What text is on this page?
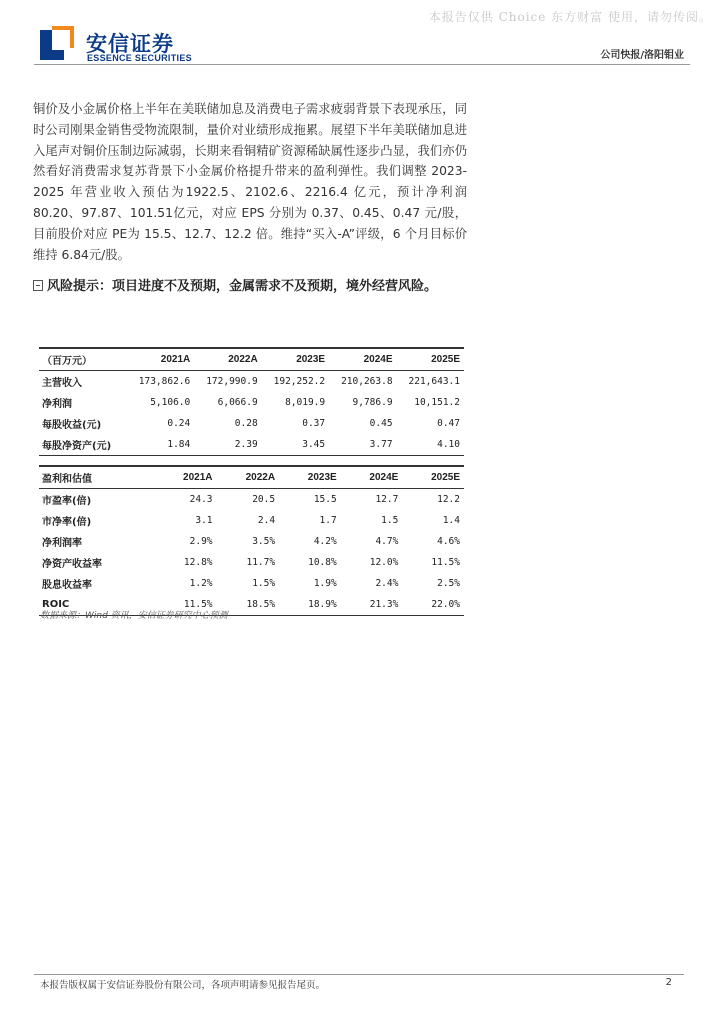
本报告仅供 Choice 东方财富 使用，请勿传阅。
安信证券
ESSENCE SECURITIES	公司快报/洛阳钼业

铜价及小金属价格上半年在美联储加息及消费电子需求疲弱背景下表现承压，同时公司刚果金销售受物流限制，量价对业绩形成拖累。展望下半年美联储加息进入尾声对铜价压制边际减弱，长期来看铜精矿资源稀缺属性逐步凸显，我们亦仍然看好消费需求复苏背景下小金属价格提升带来的盈利弹性。我们调整 2023-2025 年营业收入预估为1922.5、2102.6、2216.4 亿元，预计净利润 80.20、97.87、101.51亿元，对应 EPS 分别为 0.37、0.45、0.47 元/股，目前股价对应 PE为 15.5、12.7、12.2 倍。维持“买入-A”评级，6 个月目标价维持 6.84元/股。

风险提示：项目进度不及预期，金属需求不及预期，境外经营风险。

（百万元）	2021A	2022A	2023E	2024E	2025E
主营收入	173,862.6	172,990.9	192,252.2	210,263.8	221,643.1
净利润	5,106.0	6,066.9	8,019.9	9,786.9	10,151.2
每股收益(元)	0.24	0.28	0.37	0.45	0.47
每股净资产(元)	1.84	2.39	3.45	3.77	4.10
盈利和估值	2021A	2022A	2023E	2024E	2025E
市盈率(倍)	24.3	20.5	15.5	12.7	12.2
市净率(倍)	3.1	2.4	1.7	1.5	1.4
净利润率	2.9%	3.5%	4.2%	4.7%	4.6%
净资产收益率	12.8%	11.7%	10.8%	12.0%	11.5%
股息收益率	1.2%	1.5%	1.9%	2.4%	2.5%
ROIC	11.5%	18.5%	18.9%	21.3%	22.0%
数据来源：Wind 资讯，安信证券研究中心预测
本报告版权属于安信证券股份有限公司，各项声明请参见报告尾页。	2
